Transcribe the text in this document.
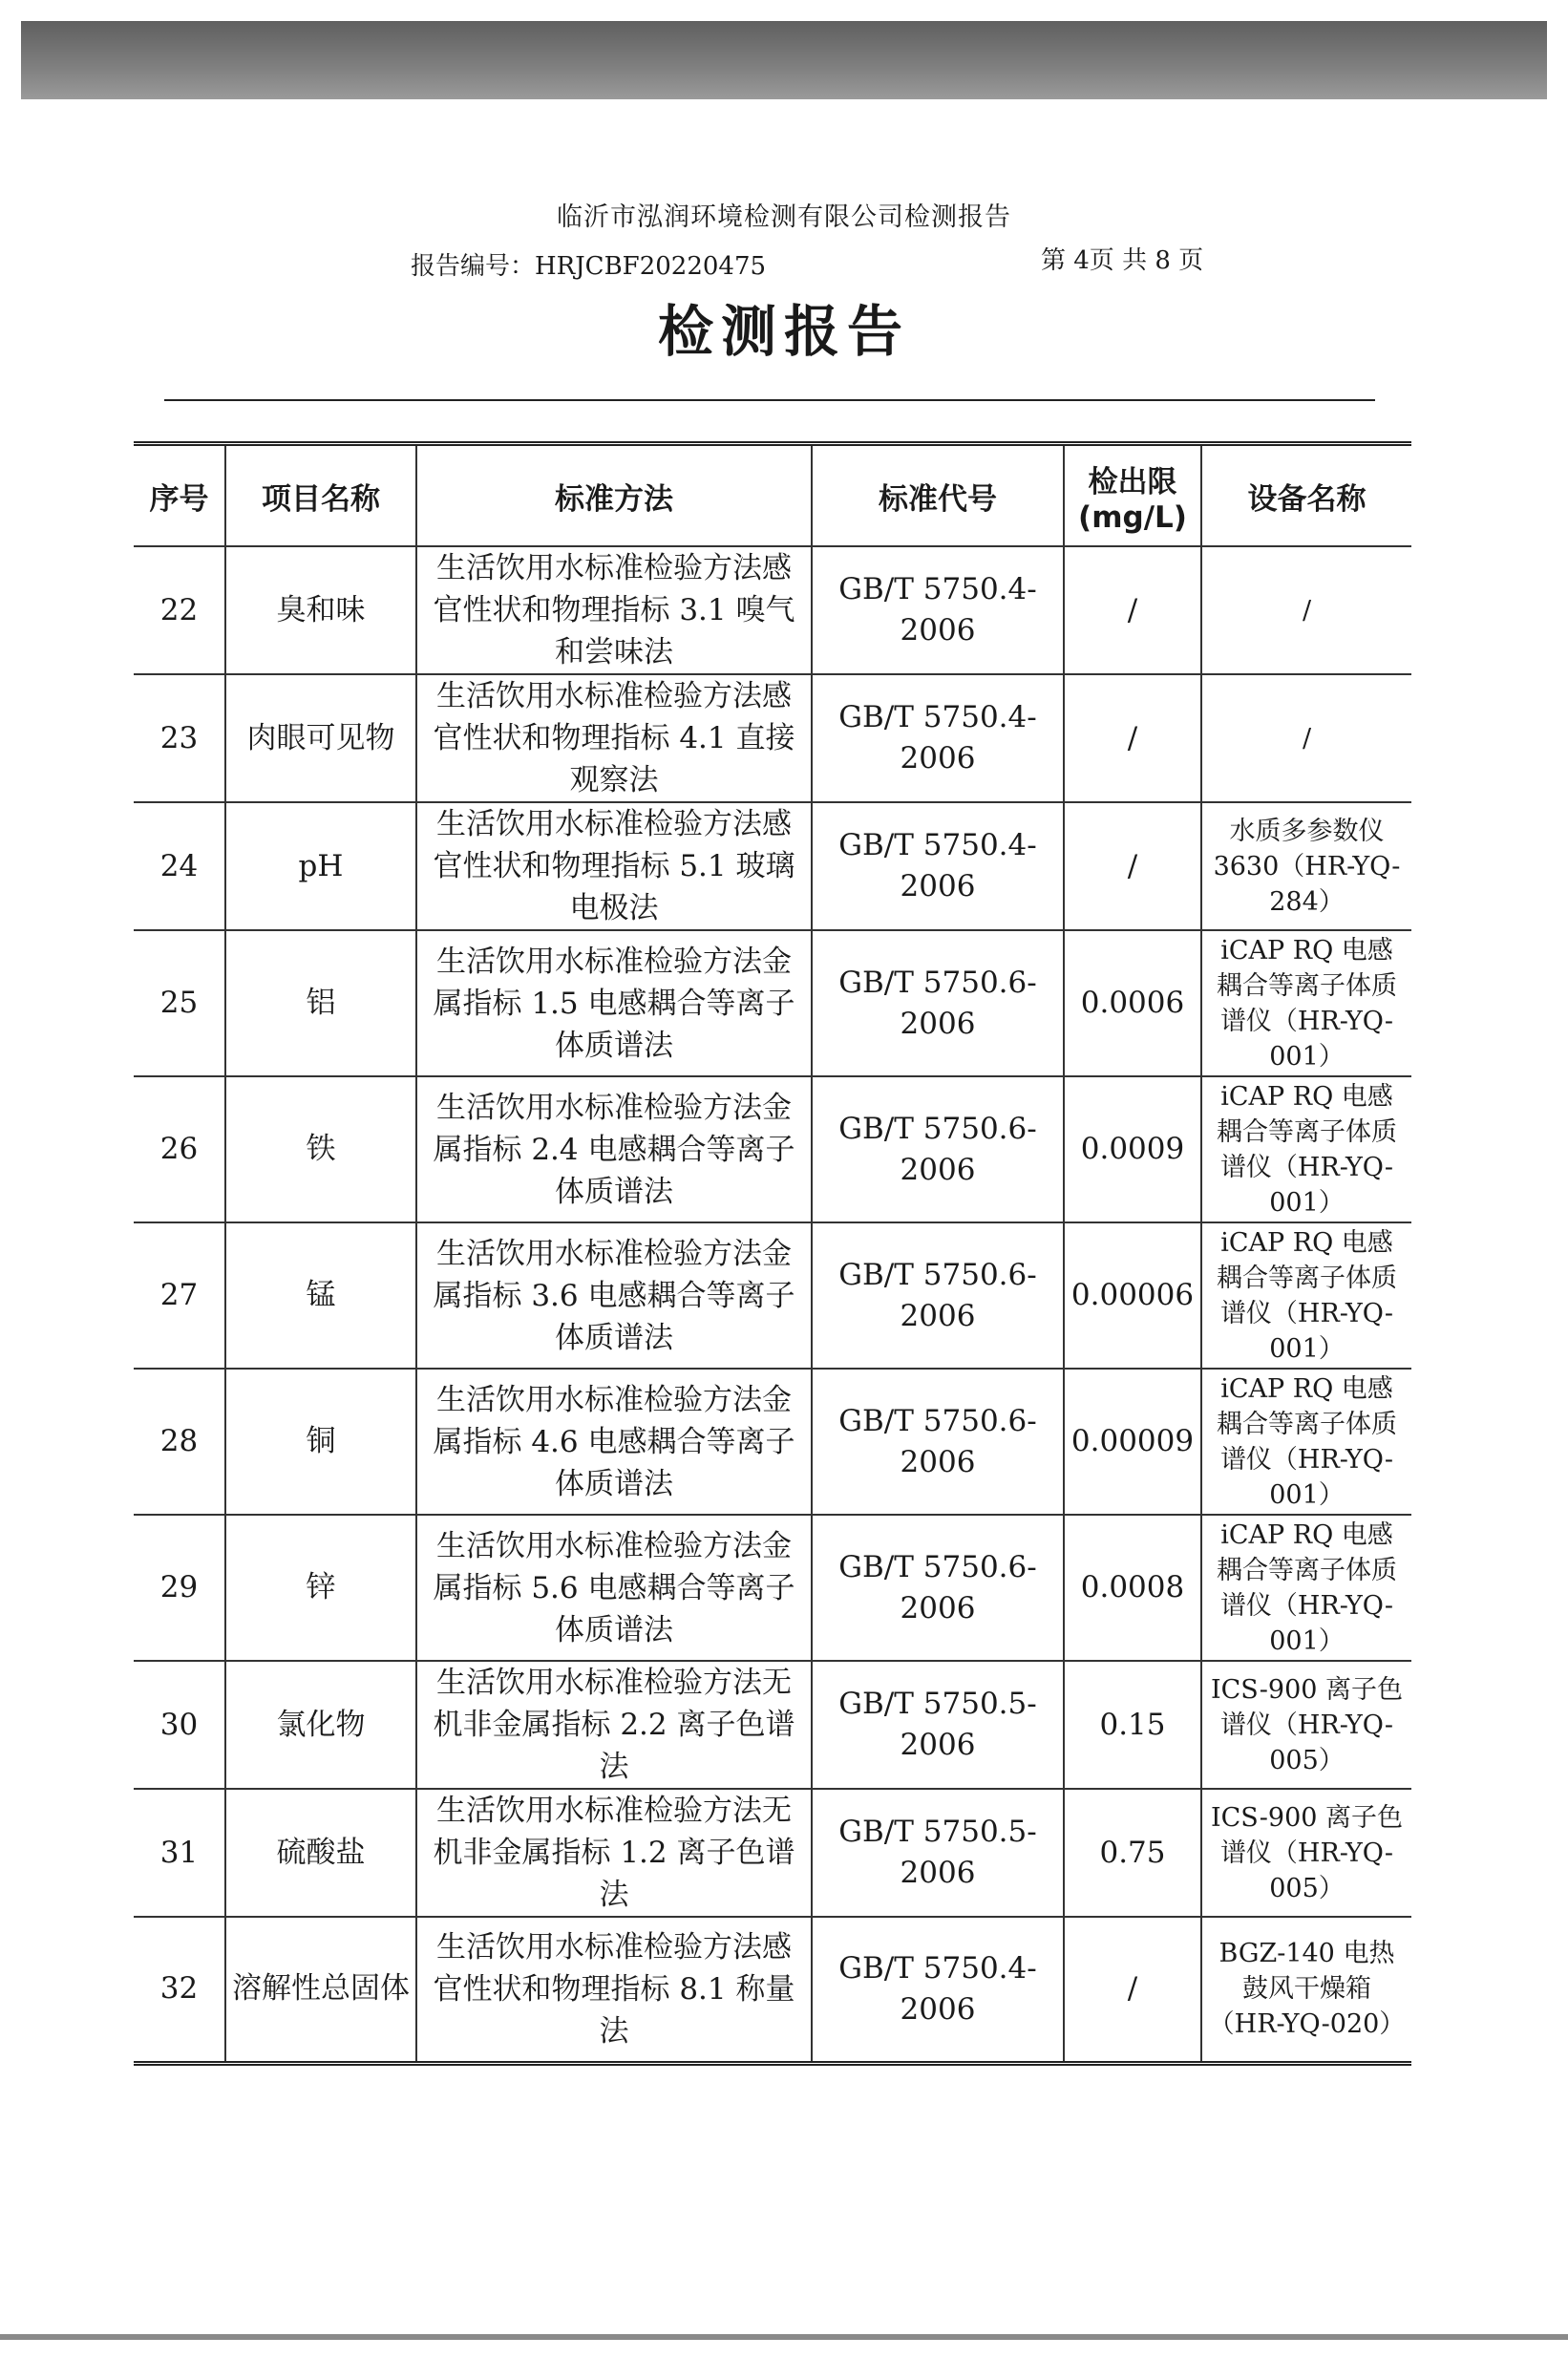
临沂市泓润环境检测有限公司检测报告
报告编号：HRJCBF20220475	第 4页 共 8 页
检测报告
序号	项目名称	标准方法	标准代号	检出限(mg/L)	设备名称
22	臭和味	生活饮用水标准检验方法感官性状和物理指标 3.1 嗅气和尝味法	GB/T 5750.4-2006	/	/
23	肉眼可见物	生活饮用水标准检验方法感官性状和物理指标 4.1 直接观察法	GB/T 5750.4-2006	/	/
24	pH	生活饮用水标准检验方法感官性状和物理指标 5.1 玻璃电极法	GB/T 5750.4-2006	/	水质多参数仪3630（HR-YQ-284）
25	铝	生活饮用水标准检验方法金属指标 1.5 电感耦合等离子体质谱法	GB/T 5750.6-2006	0.0006	iCAP RQ 电感耦合等离子体质谱仪（HR-YQ-001）
26	铁	生活饮用水标准检验方法金属指标 2.4 电感耦合等离子体质谱法	GB/T 5750.6-2006	0.0009	iCAP RQ 电感耦合等离子体质谱仪（HR-YQ-001）
27	锰	生活饮用水标准检验方法金属指标 3.6 电感耦合等离子体质谱法	GB/T 5750.6-2006	0.00006	iCAP RQ 电感耦合等离子体质谱仪（HR-YQ-001）
28	铜	生活饮用水标准检验方法金属指标 4.6 电感耦合等离子体质谱法	GB/T 5750.6-2006	0.00009	iCAP RQ 电感耦合等离子体质谱仪（HR-YQ-001）
29	锌	生活饮用水标准检验方法金属指标 5.6 电感耦合等离子体质谱法	GB/T 5750.6-2006	0.0008	iCAP RQ 电感耦合等离子体质谱仪（HR-YQ-001）
30	氯化物	生活饮用水标准检验方法无机非金属指标 2.2 离子色谱法	GB/T 5750.5-2006	0.15	ICS-900 离子色谱仪（HR-YQ-005）
31	硫酸盐	生活饮用水标准检验方法无机非金属指标 1.2 离子色谱法	GB/T 5750.5-2006	0.75	ICS-900 离子色谱仪（HR-YQ-005）
32	溶解性总固体	生活饮用水标准检验方法感官性状和物理指标 8.1 称量法	GB/T 5750.4-2006	/	BGZ-140 电热鼓风干燥箱（HR-YQ-020）
